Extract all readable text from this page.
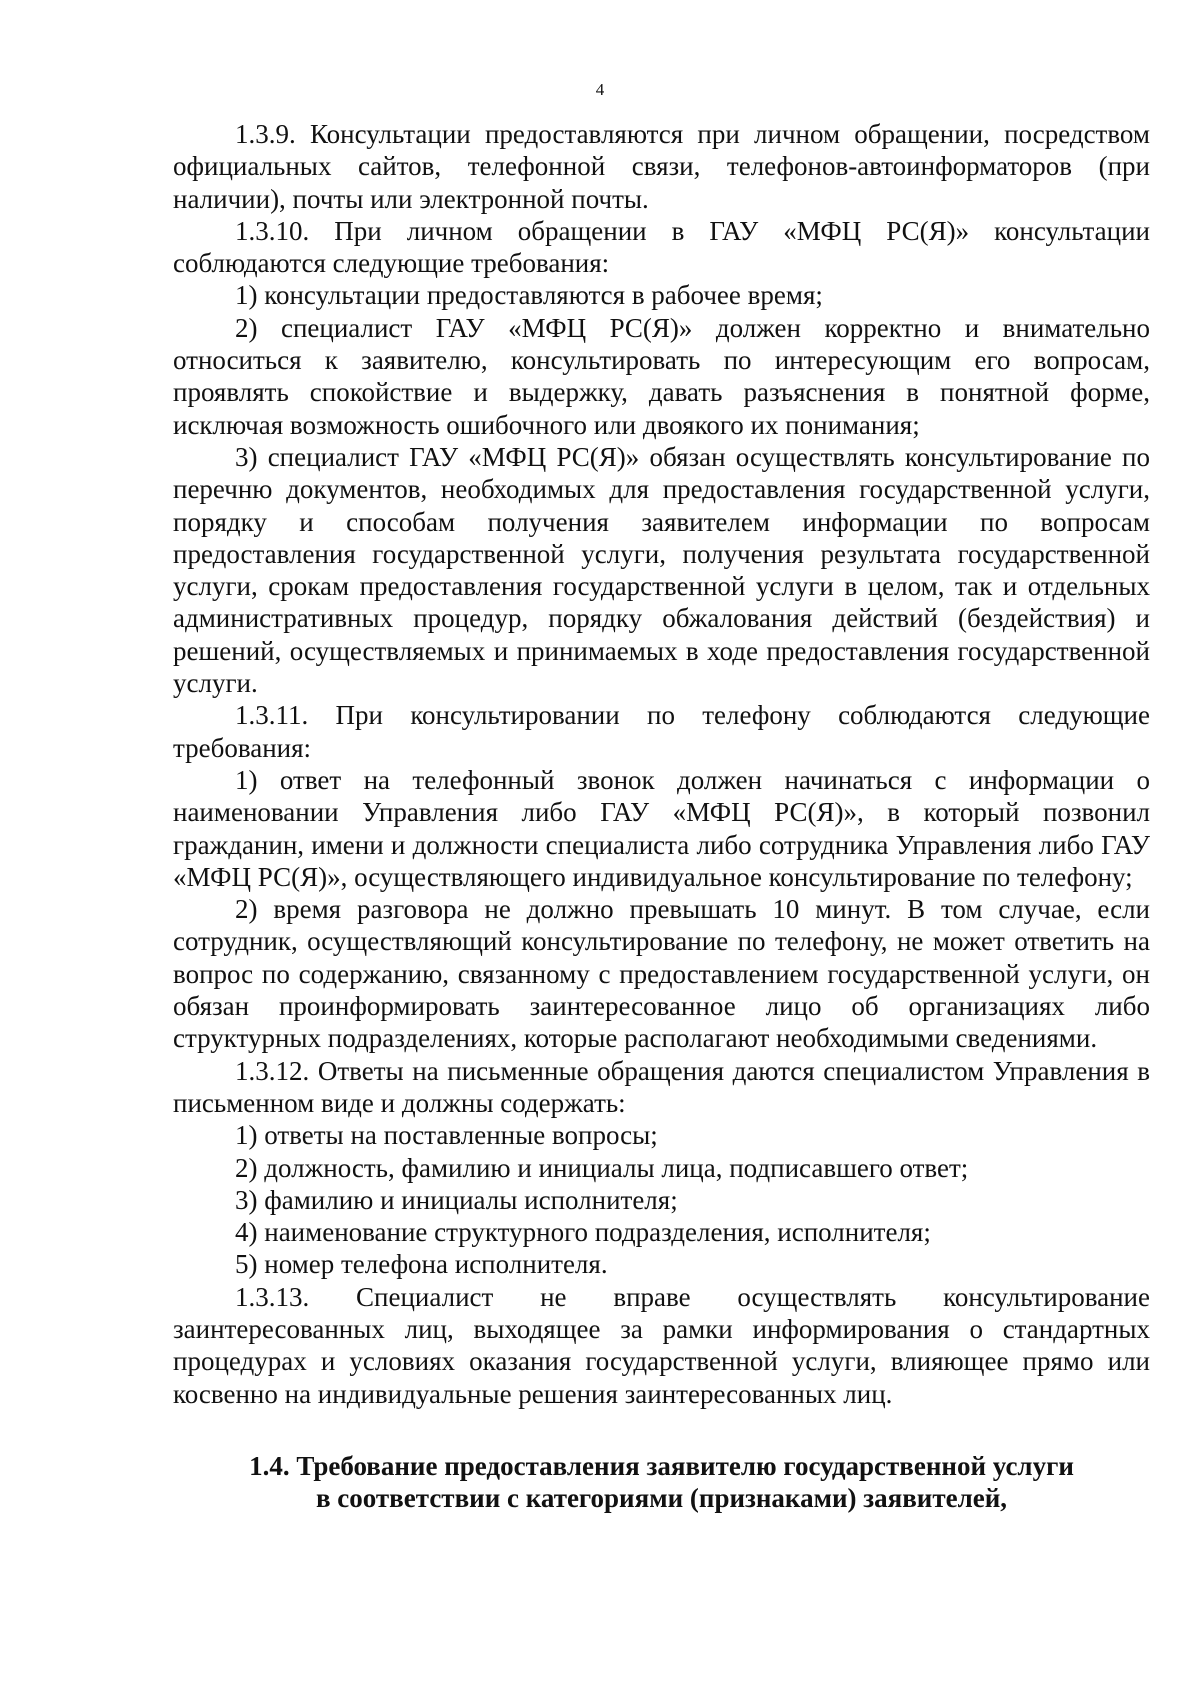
4

1.3.9. Консультации предоставляются при личном обращении, посредством официальных сайтов, телефонной связи, телефонов-автоинформаторов (при наличии), почты или электронной почты.

1.3.10. При личном обращении в ГАУ «МФЦ РС(Я)» консультации соблюдаются следующие требования:

1) консультации предоставляются в рабочее время;

2) специалист ГАУ «МФЦ РС(Я)» должен корректно и внимательно относиться к заявителю, консультировать по интересующим его вопросам, проявлять спокойствие и выдержку, давать разъяснения в понятной форме, исключая возможность ошибочного или двоякого их понимания;

3) специалист ГАУ «МФЦ РС(Я)» обязан осуществлять консультирование по перечню документов, необходимых для предоставления государственной услуги, порядку и способам получения заявителем информации по вопросам предоставления государственной услуги, получения результата государственной услуги, срокам предоставления государственной услуги в целом, так и отдельных административных процедур, порядку обжалования действий (бездействия) и решений, осуществляемых и принимаемых в ходе предоставления государственной услуги.

1.3.11. При консультировании по телефону соблюдаются следующие требования:

1) ответ на телефонный звонок должен начинаться с информации о наименовании Управления либо ГАУ «МФЦ РС(Я)», в который позвонил гражданин, имени и должности специалиста либо сотрудника Управления либо ГАУ «МФЦ РС(Я)», осуществляющего индивидуальное консультирование по телефону;

2) время разговора не должно превышать 10 минут. В том случае, если сотрудник, осуществляющий консультирование по телефону, не может ответить на вопрос по содержанию, связанному с предоставлением государственной услуги, он обязан проинформировать заинтересованное лицо об организациях либо структурных подразделениях, которые располагают необходимыми сведениями.

1.3.12. Ответы на письменные обращения даются специалистом Управления в письменном виде и должны содержать:

1) ответы на поставленные вопросы;

2) должность, фамилию и инициалы лица, подписавшего ответ;

3) фамилию и инициалы исполнителя;

4) наименование структурного подразделения, исполнителя;

5) номер телефона исполнителя.

1.3.13. Специалист не вправе осуществлять консультирование заинтересованных лиц, выходящее за рамки информирования о стандартных процедурах и условиях оказания государственной услуги, влияющее прямо или косвенно на индивидуальные решения заинтересованных лиц.

1.4. Требование предоставления заявителю государственной услуги
в соответствии с категориями (признаками) заявителей,
